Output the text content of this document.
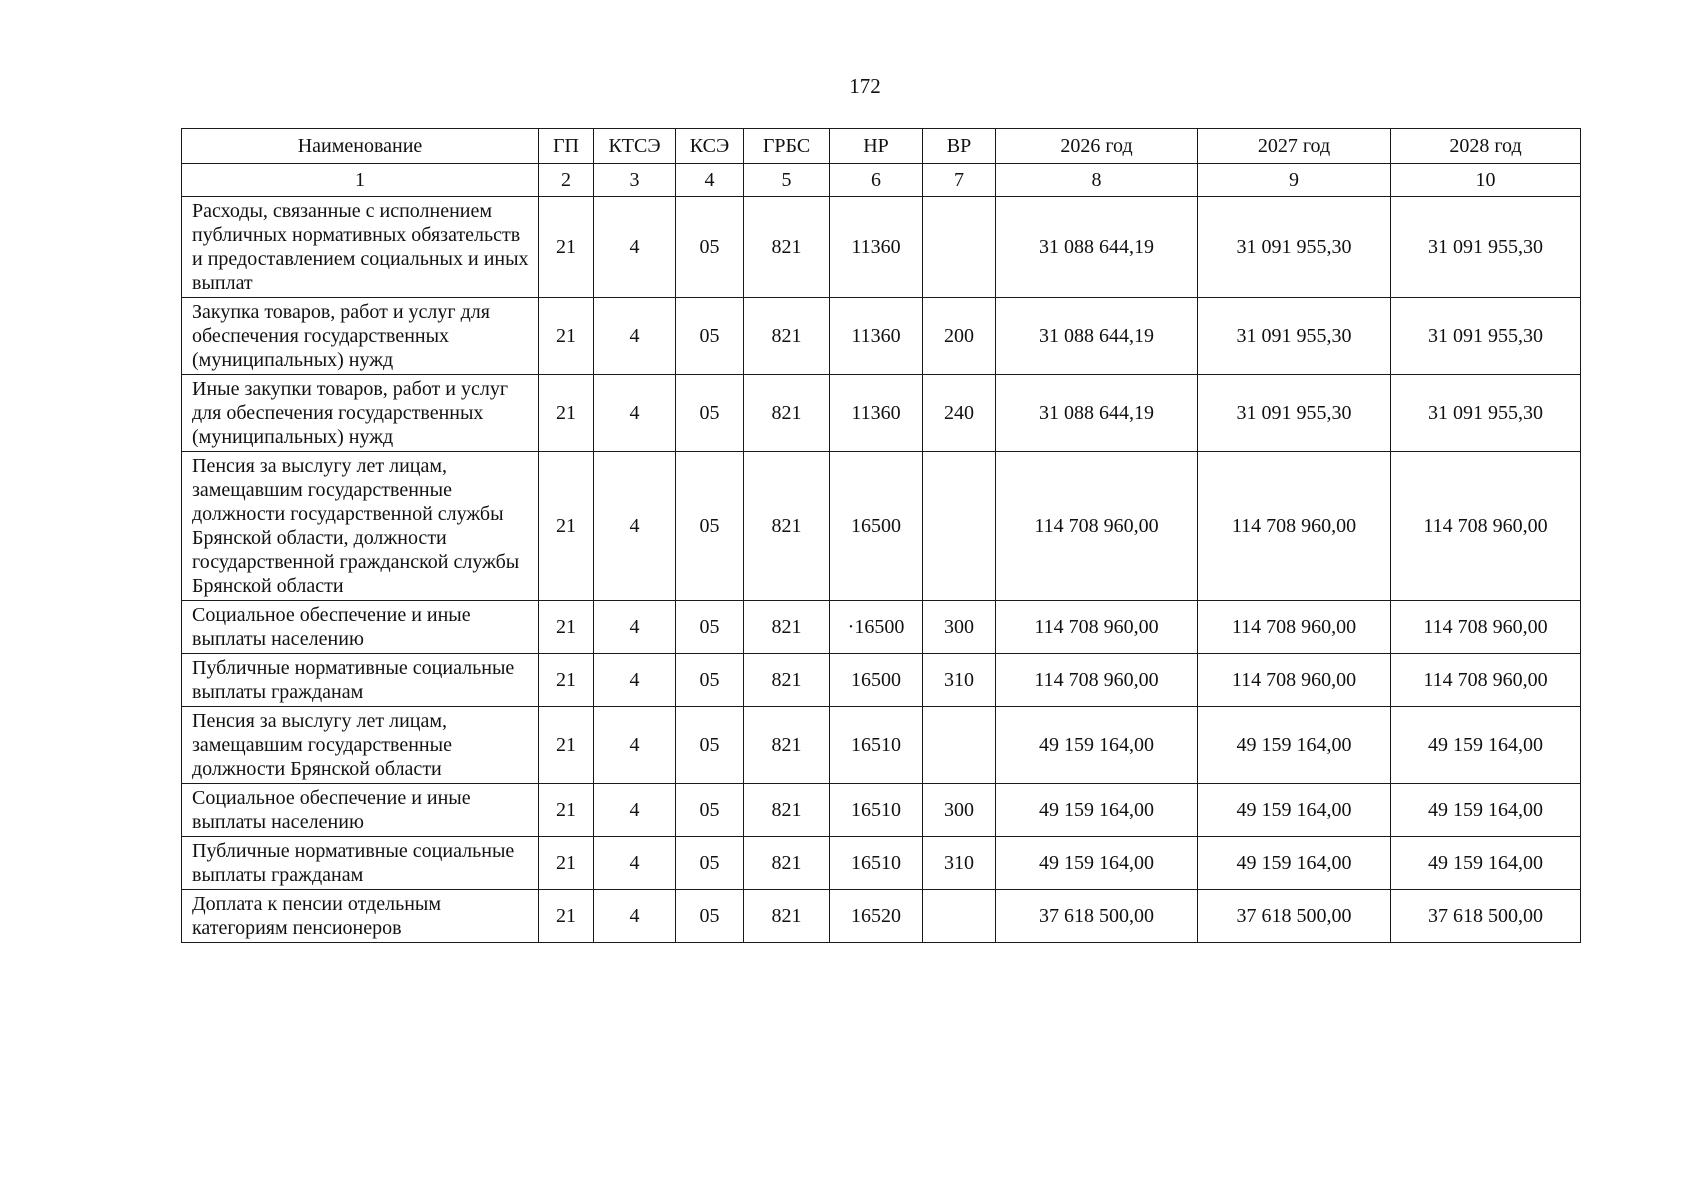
172
Наименование	ГП	КТСЭ	КСЭ	ГРБС	НР	ВР	2026 год	2027 год	2028 год
1	2	3	4	5	6	7	8	9	10
Расходы, связанные с исполнением публичных нормативных обязательств и предоставлением социальных и иных выплат	21	4	05	821	11360		31 088 644,19	31 091 955,30	31 091 955,30
Закупка товаров, работ и услуг для обеспечения государственных (муниципальных) нужд	21	4	05	821	11360	200	31 088 644,19	31 091 955,30	31 091 955,30
Иные закупки товаров, работ и услуг для обеспечения государственных (муниципальных) нужд	21	4	05	821	11360	240	31 088 644,19	31 091 955,30	31 091 955,30
Пенсия за выслугу лет лицам, замещавшим государственные должности государственной службы Брянской области, должности государственной гражданской службы Брянской области	21	4	05	821	16500		114 708 960,00	114 708 960,00	114 708 960,00
Социальное обеспечение и иные выплаты населению	21	4	05	821	·16500	300	114 708 960,00	114 708 960,00	114 708 960,00
Публичные нормативные социальные выплаты гражданам	21	4	05	821	16500	310	114 708 960,00	114 708 960,00	114 708 960,00
Пенсия за выслугу лет лицам, замещавшим государственные должности Брянской области	21	4	05	821	16510		49 159 164,00	49 159 164,00	49 159 164,00
Социальное обеспечение и иные выплаты населению	21	4	05	821	16510	300	49 159 164,00	49 159 164,00	49 159 164,00
Публичные нормативные социальные выплаты гражданам	21	4	05	821	16510	310	49 159 164,00	49 159 164,00	49 159 164,00
Доплата к пенсии отдельным категориям пенсионеров	21	4	05	821	16520		37 618 500,00	37 618 500,00	37 618 500,00
